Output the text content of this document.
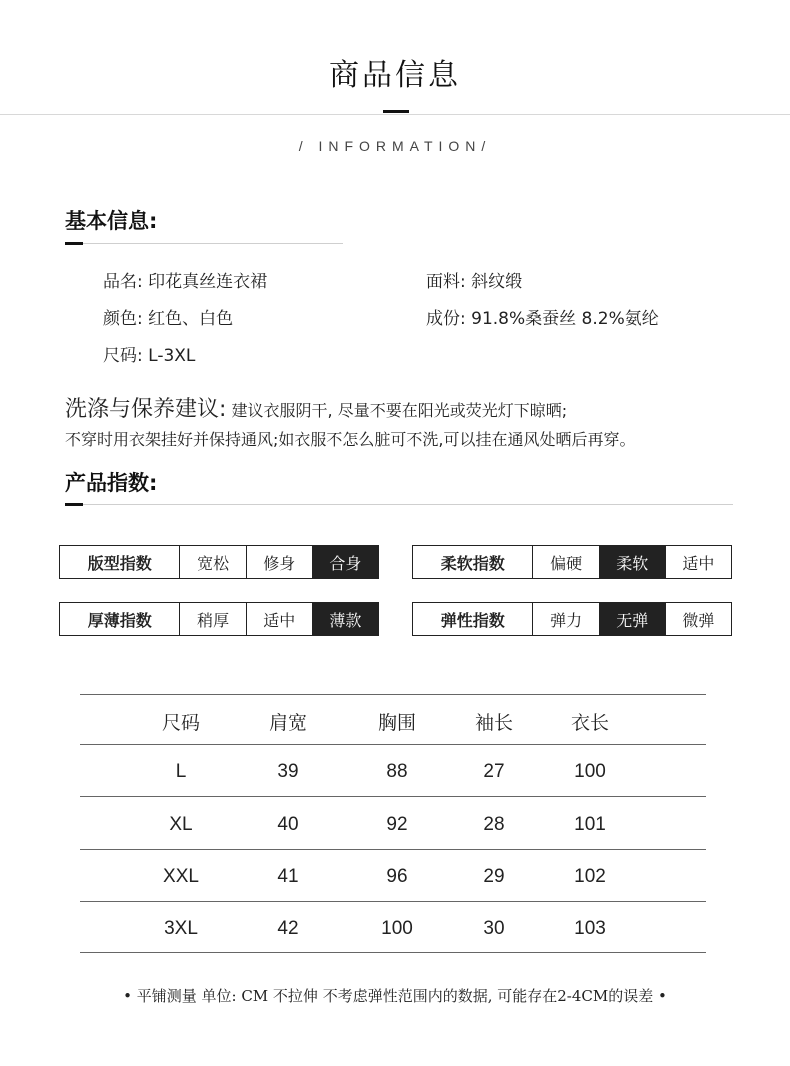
商品信息
/ INFORMATION/
基本信息:
品名: 印花真丝连衣裙	面料: 斜纹缎
颜色: 红色、白色	成份: 91.8%桑蚕丝 8.2%氨纶
尺码: L-3XL
洗涤与保养建议: 建议衣服阴干, 尽量不要在阳光或荧光灯下晾晒;
不穿时用衣架挂好并保持通风;如衣服不怎么脏可不洗,可以挂在通风处晒后再穿。
产品指数:
版型指数	宽松	修身	合身	柔软指数	偏硬	柔软	适中
厚薄指数	稍厚	适中	薄款	弹性指数	弹力	无弹	微弹
尺码	肩宽	胸围	袖长	衣长
L	39	88	27	100
XL	40	92	28	101
XXL	41	96	29	102
3XL	42	100	30	103
• 平铺测量 单位: CM 不拉伸 不考虑弹性范围内的数据, 可能存在2-4CM的误差 •
